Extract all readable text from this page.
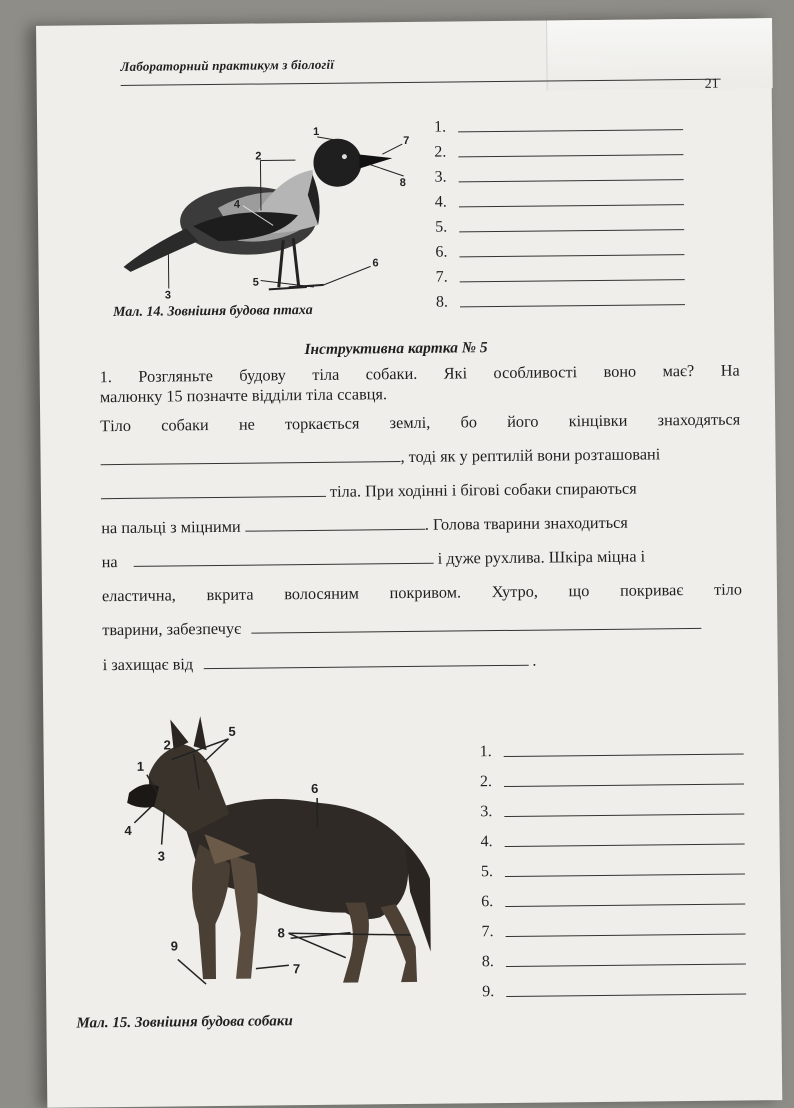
Лабораторний практикум з біології
21
1
2
3
4
5
6
7
8
1.
2.
3.
4.
5.
6.
7.
8.
Мал. 14. Зовнішня будова птаха
Інструктивна картка № 5
1. Розгляньте будову тіла собаки. Які особливості воно має? На
малюнку 15 позначте відділи тіла ссавця.
Тіло собаки не торкається землі, бо його кінцівки знаходяться
, тоді як у рептилій вони розташовані
тіла. При ходінні і бігові собаки спираються
на пальці з міцними	. Голова тварини знаходиться
на	і дуже рухлива. Шкіра міцна і
еластична, вкрита волосяним покривом. Хутро, що покриває тіло
тварини, забезпечує
і захищає від	.
1
2
3
4
5
6
7
8
9
1.
2.
3.
4.
5.
6.
7.
8.
9.
Мал. 15. Зовнішня будова собаки
